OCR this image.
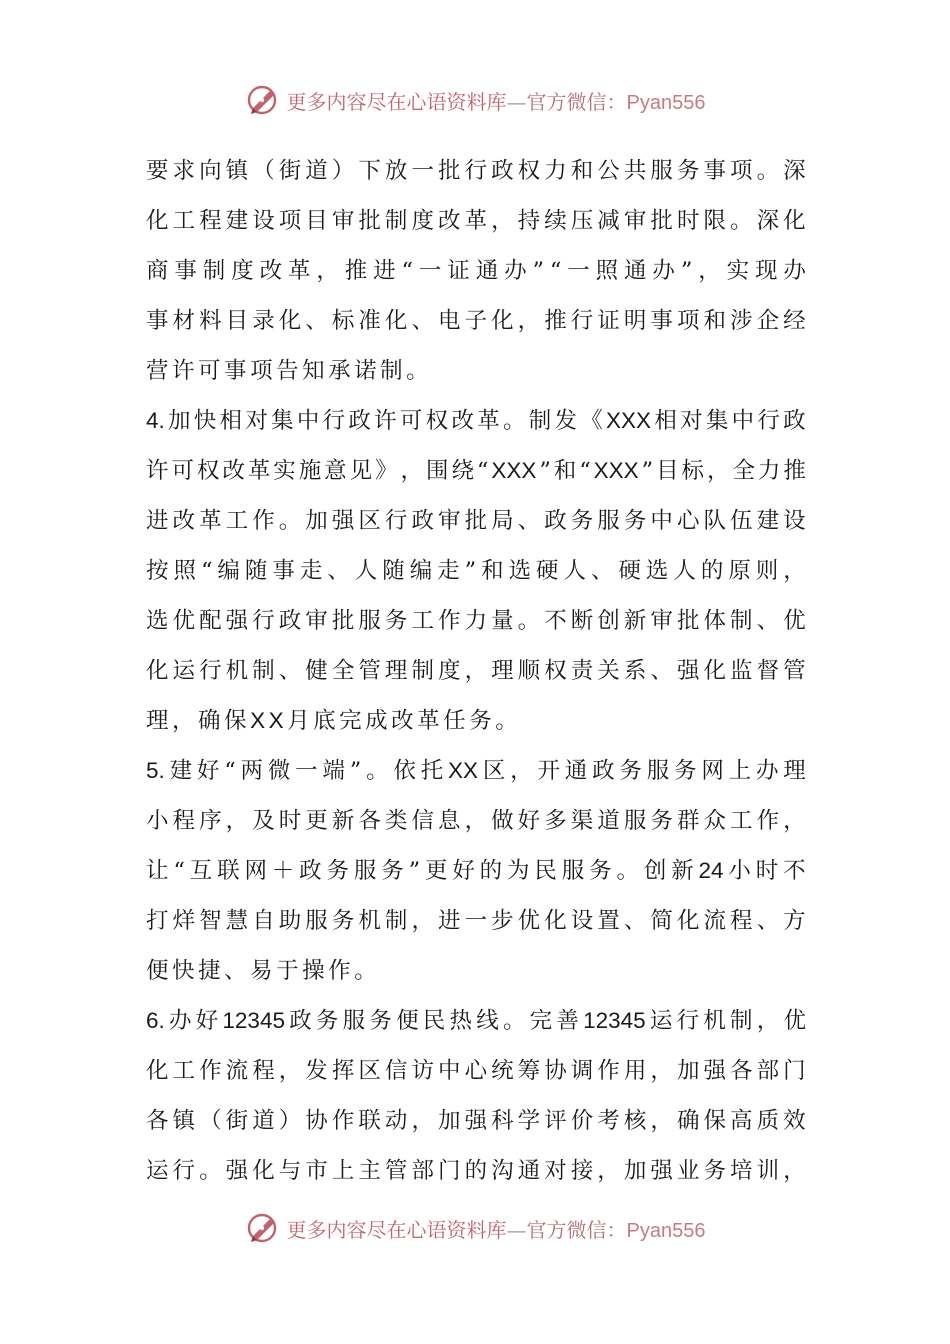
更多内容尽在心语资料库—官方微信：Pyan556
要 求 向 镇 （ 街 道 ） 下 放 一 批 行 政 权 力 和 公 共 服 务 事 项 。 深
化 工 程 建 设 项 目 审 批 制 度 改 革 ， 持 续 压 减 审 批 时 限 。 深 化
商 事 制 度 改 革 ， 推 进 “ 一 证 通 办 ” “ 一 照 通 办 ” ， 实 现 办
事 材 料 目 录 化 、 标 准 化 、 电 子 化 ， 推 行 证 明 事 项 和 涉 企 经
营 许 可 事 项 告 知 承 诺 制 。
4. 加 快 相 对 集 中 行 政 许 可 权 改 革 。 制 发 《 XXX 相 对 集 中 行 政
许 可 权 改 革 实 施 意 见 》 ， 围 绕 “ XXX ” 和 “ XXX ” 目 标 ， 全 力 推
进 改 革 工 作 。 加 强 区 行 政 审 批 局 、 政 务 服 务 中 心 队 伍 建 设
按 照 “ 编 随 事 走 、 人 随 编 走 ” 和 选 硬 人 、 硬 选 人 的 原 则 ，
选 优 配 强 行 政 审 批 服 务 工 作 力 量 。 不 断 创 新 审 批 体 制 、 优
化 运 行 机 制 、 健 全 管 理 制 度 ， 理 顺 权 责 关 系 、 强 化 监 督 管
理 ， 确 保 XX 月 底 完 成 改 革 任 务 。
5. 建 好 “ 两 微 一 端 ” 。 依 托 XX 区 ， 开 通 政 务 服 务 网 上 办 理
小 程 序 ， 及 时 更 新 各 类 信 息 ， 做 好 多 渠 道 服 务 群 众 工 作 ，
让 “ 互 联 网 ＋ 政 务 服 务 ” 更 好 的 为 民 服 务 。 创 新 24 小 时 不
打 烊 智 慧 自 助 服 务 机 制 ， 进 一 步 优 化 设 置 、 简 化 流 程 、 方
便 快 捷 、 易 于 操 作 。
6. 办 好 12345 政 务 服 务 便 民 热 线 。 完 善 12345 运 行 机 制 ， 优
化 工 作 流 程 ， 发 挥 区 信 访 中 心 统 筹 协 调 作 用 ， 加 强 各 部 门
各 镇 （ 街 道 ） 协 作 联 动 ， 加 强 科 学 评 价 考 核 ， 确 保 高 质 效
运 行 。 强 化 与 市 上 主 管 部 门 的 沟 通 对 接 ， 加 强 业 务 培 训 ，
更多内容尽在心语资料库—官方微信：Pyan556
